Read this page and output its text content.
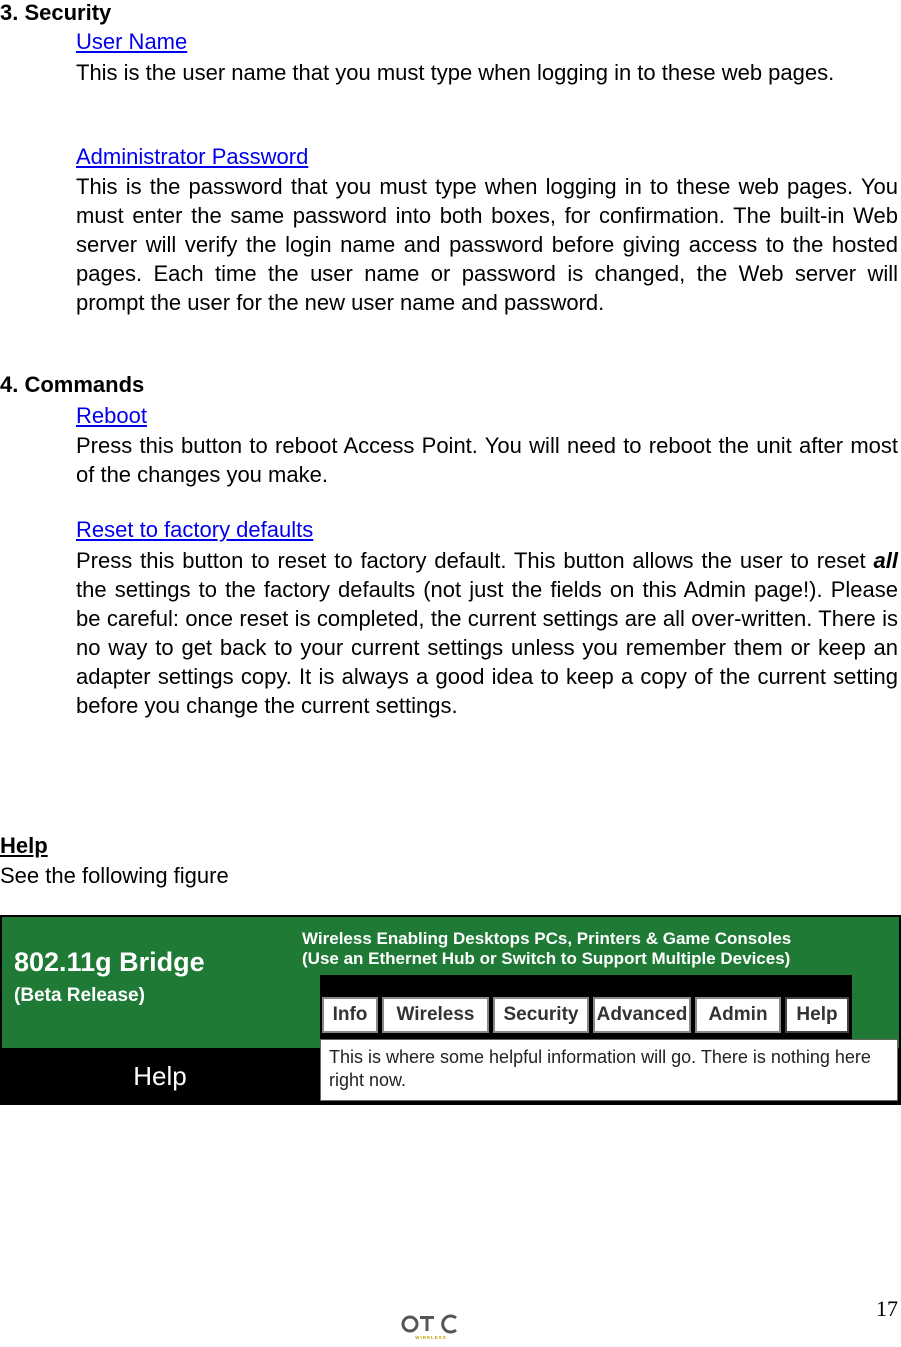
3. Security
User Name
This is the user name that you must type when logging in to these web pages.
Administrator Password
This is the password that you must type when logging in to these web pages. You must enter the same password into both boxes, for confirmation. The built-in Web server will verify the login name and password before giving access to the hosted pages. Each time the user name or password is changed, the Web server will prompt the user for the new user name and password.
4. Commands
Reboot
Press this button to reboot Access Point. You will need to reboot the unit after most of the changes you make.
Reset to factory defaults
Press this button to reset to factory default. This button allows the user to reset all the settings to the factory defaults (not just the fields on this Admin page!). Please be careful: once reset is completed, the current settings are all over-written. There is no way to get back to your current settings unless you remember them or keep an adapter settings copy. It is always a good idea to keep a copy of the current setting before you change the current settings.
Help
See the following figure
802.11g Bridge
(Beta Release)
Wireless Enabling Desktops PCs, Printers & Game Consoles
(Use an Ethernet Hub or Switch to Support Multiple Devices)
Info	Wireless	Security Advanced	Admin	Help
Help
This is where some helpful information will go. There is nothing here right now.
17
WIRELESS
